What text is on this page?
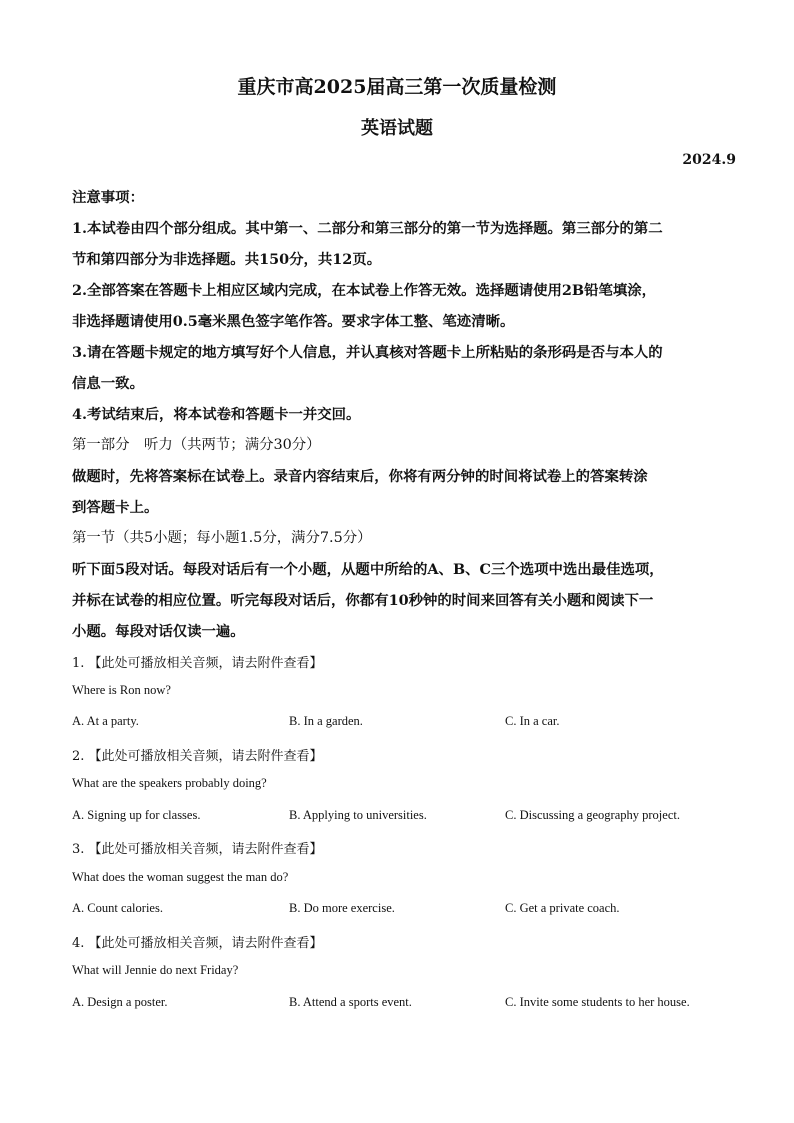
重庆市高2025届高三第一次质量检测
英语试题
2024.9

注意事项：

1.本试卷由四个部分组成。其中第一、二部分和第三部分的第一节为选择题。第三部分的第二

节和第四部分为非选择题。共150分，共12页。

2.全部答案在答题卡上相应区域内完成，在本试卷上作答无效。选择题请使用2B铅笔填涂，

非选择题请使用0.5毫米黑色签字笔作答。要求字体工整、笔迹清晰。

3.请在答题卡规定的地方填写好个人信息，并认真核对答题卡上所粘贴的条形码是否与本人的

信息一致。

4.考试结束后，将本试卷和答题卡一并交回。

第一部分　听力（共两节；满分30分）

做题时，先将答案标在试卷上。录音内容结束后，你将有两分钟的时间将试卷上的答案转涂

到答题卡上。

第一节（共5小题；每小题1.5分，满分7.5分）

听下面5段对话。每段对话后有一个小题，从题中所给的A、B、C三个选项中选出最佳选项，

并标在试卷的相应位置。听完每段对话后，你都有10秒钟的时间来回答有关小题和阅读下一

小题。每段对话仅读一遍。

1. 【此处可播放相关音频，请去附件查看】
Where is Ron now?
A. At a party.	B. In a garden.	C. In a car.
2. 【此处可播放相关音频，请去附件查看】
What are the speakers probably doing?
A. Signing up for classes.	B. Applying to universities.	C. Discussing a geography project.
3. 【此处可播放相关音频，请去附件查看】
What does the woman suggest the man do?
A. Count calories.	B. Do more exercise.	C. Get a private coach.
4. 【此处可播放相关音频，请去附件查看】
What will Jennie do next Friday?
A. Design a poster.	B. Attend a sports event.	C. Invite some students to her house.
